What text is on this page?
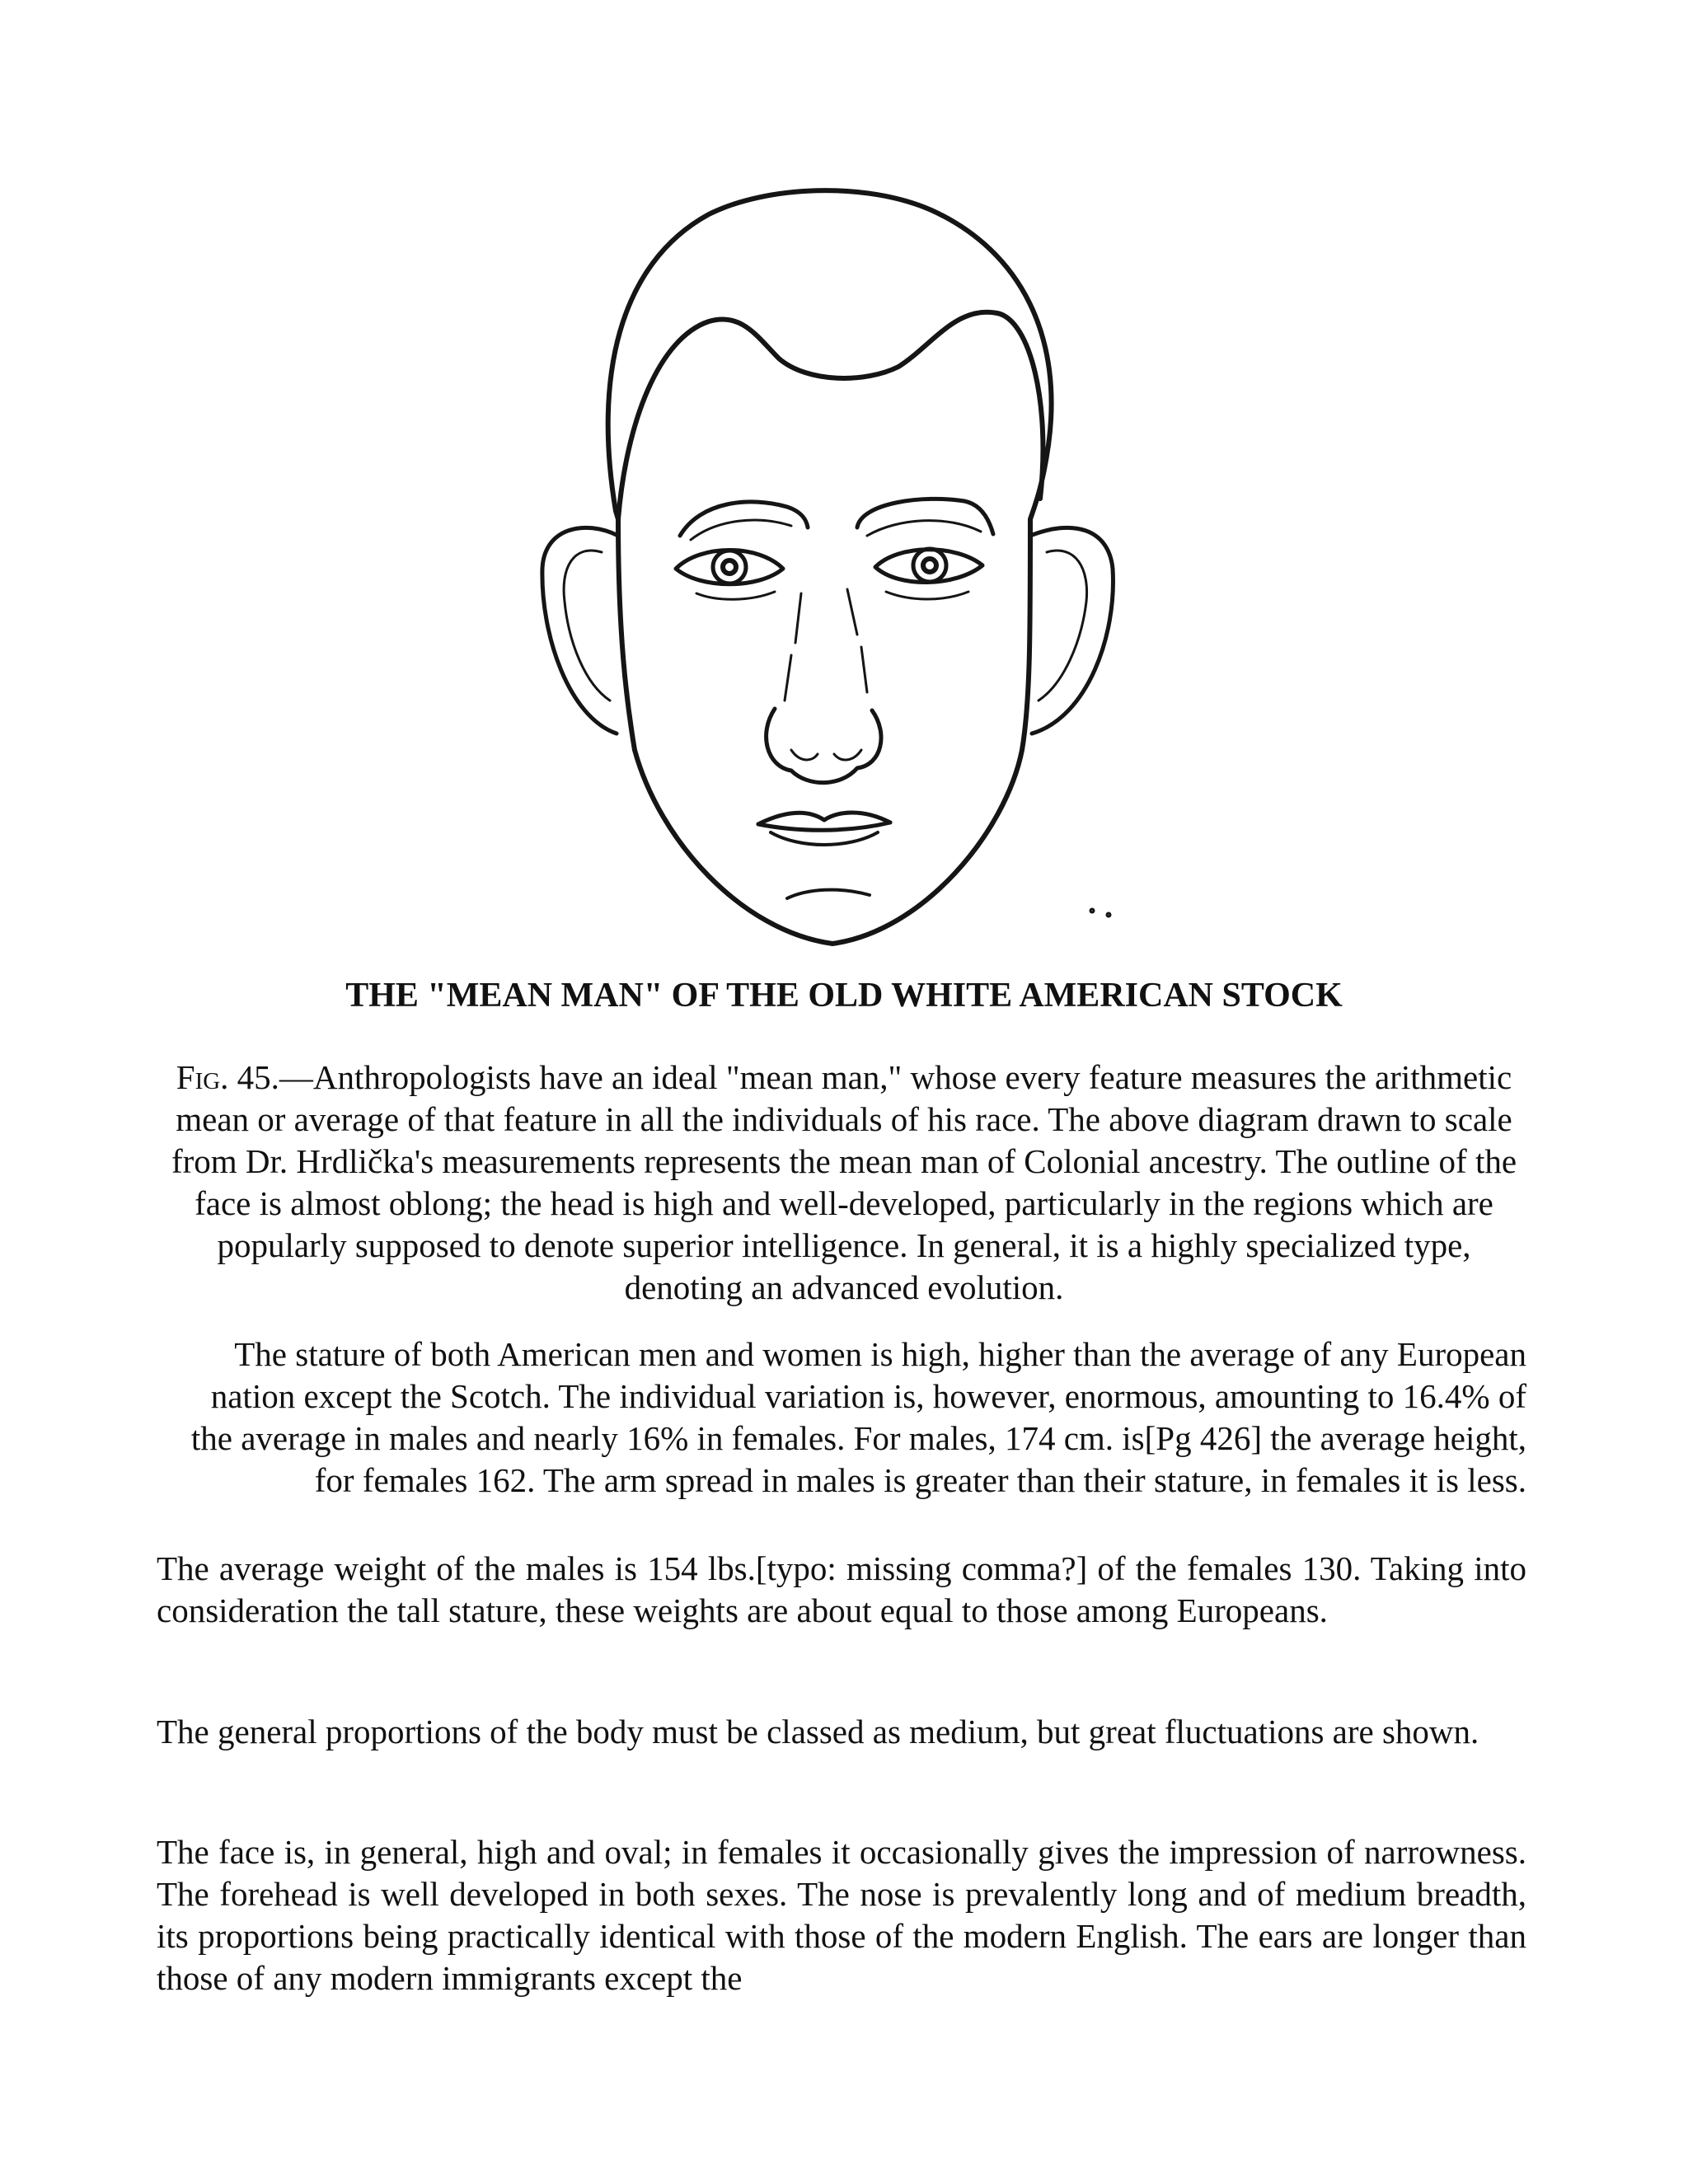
THE "MEAN MAN" OF THE OLD WHITE AMERICAN STOCK

Fig. 45.—Anthropologists have an ideal "mean man," whose every feature measures the arithmetic mean or average of that feature in all the individuals of his race. The above diagram drawn to scale from Dr. Hrdlička's measurements represents the mean man of Colonial ancestry. The outline of the face is almost oblong; the head is high and well-developed, particularly in the regions which are popularly supposed to denote superior intelligence. In general, it is a highly specialized type, denoting an advanced evolution.

The stature of both American men and women is high, higher than the average of any European nation except the Scotch. The individual variation is, however, enormous, amounting to 16.4% of the average in males and nearly 16% in females. For males, 174 cm. is[Pg 426] the average height, for females 162. The arm spread in males is greater than their stature, in females it is less.

The average weight of the males is 154 lbs.[typo: missing comma?] of the females 130. Taking into consideration the tall stature, these weights are about equal to those among Europeans.

The general proportions of the body must be classed as medium, but great fluctuations are shown.

The face is, in general, high and oval; in females it occasionally gives the impression of narrowness. The forehead is well developed in both sexes. The nose is prevalently long and of medium breadth, its proportions being practically identical with those of the modern English. The ears are longer than those of any modern immigrants except the
